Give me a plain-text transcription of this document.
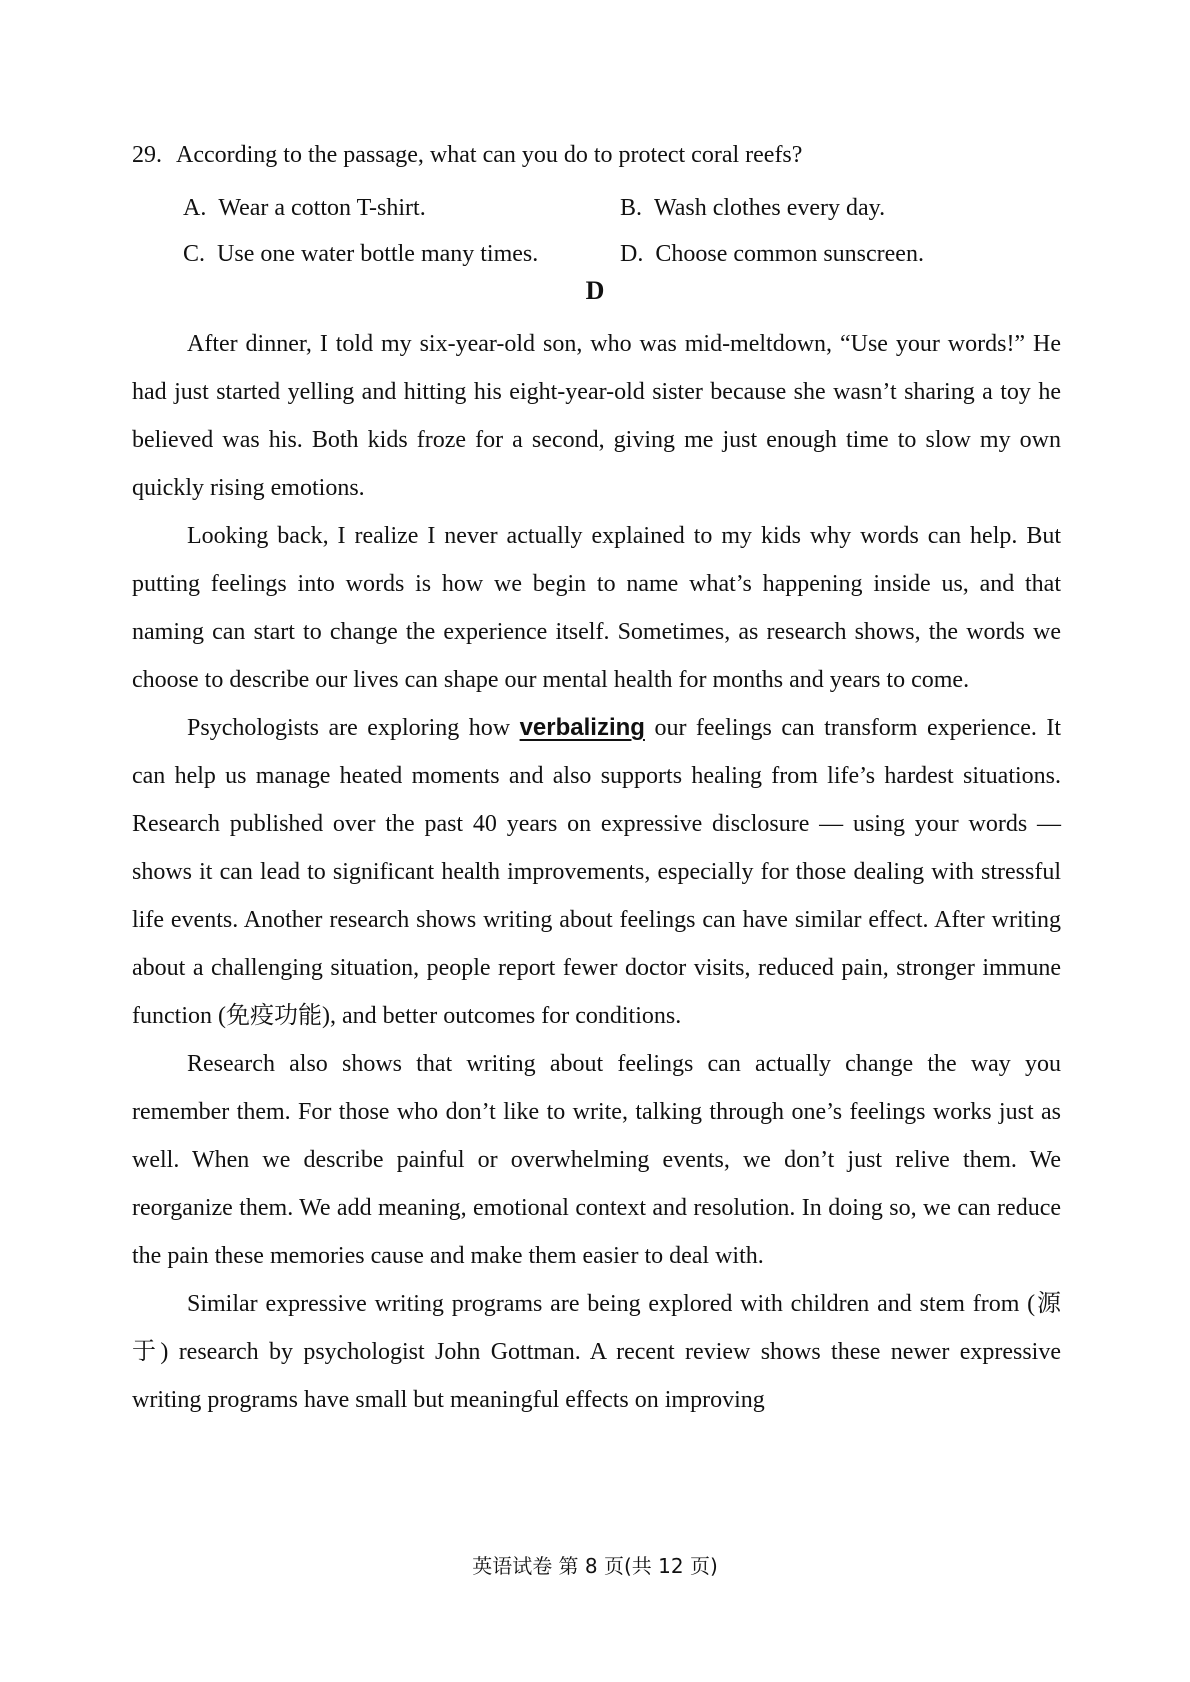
29. According to the passage, what can you do to protect coral reefs?
A. Wear a cotton T-shirt.	B. Wash clothes every day.
C. Use one water bottle many times.	D. Choose common sunscreen.
D

After dinner, I told my six-year-old son, who was mid-meltdown, “Use your words!” He had just started yelling and hitting his eight-year-old sister because she wasn’t sharing a toy he believed was his. Both kids froze for a second, giving me just enough time to slow my own quickly rising emotions.

Looking back, I realize I never actually explained to my kids why words can help. But putting feelings into words is how we begin to name what’s happening inside us, and that naming can start to change the experience itself. Sometimes, as research shows, the words we choose to describe our lives can shape our mental health for months and years to come.

Psychologists are exploring how verbalizing our feelings can transform experience. It can help us manage heated moments and also supports healing from life’s hardest situations. Research published over the past 40 years on expressive disclosure — using your words — shows it can lead to significant health improvements, especially for those dealing with stressful life events. Another research shows writing about feelings can have similar effect. After writing about a challenging situation, people report fewer doctor visits, reduced pain, stronger immune function (免疫功能), and better outcomes for conditions.

Research also shows that writing about feelings can actually change the way you remember them. For those who don’t like to write, talking through one’s feelings works just as well. When we describe painful or overwhelming events, we don’t just relive them. We reorganize them. We add meaning, emotional context and resolution. In doing so, we can reduce the pain these memories cause and make them easier to deal with.

Similar expressive writing programs are being explored with children and stem from (源于) research by psychologist John Gottman. A recent review shows these newer expressive writing programs have small but meaningful effects on improving

英语试卷 第 8 页(共 12 页)
